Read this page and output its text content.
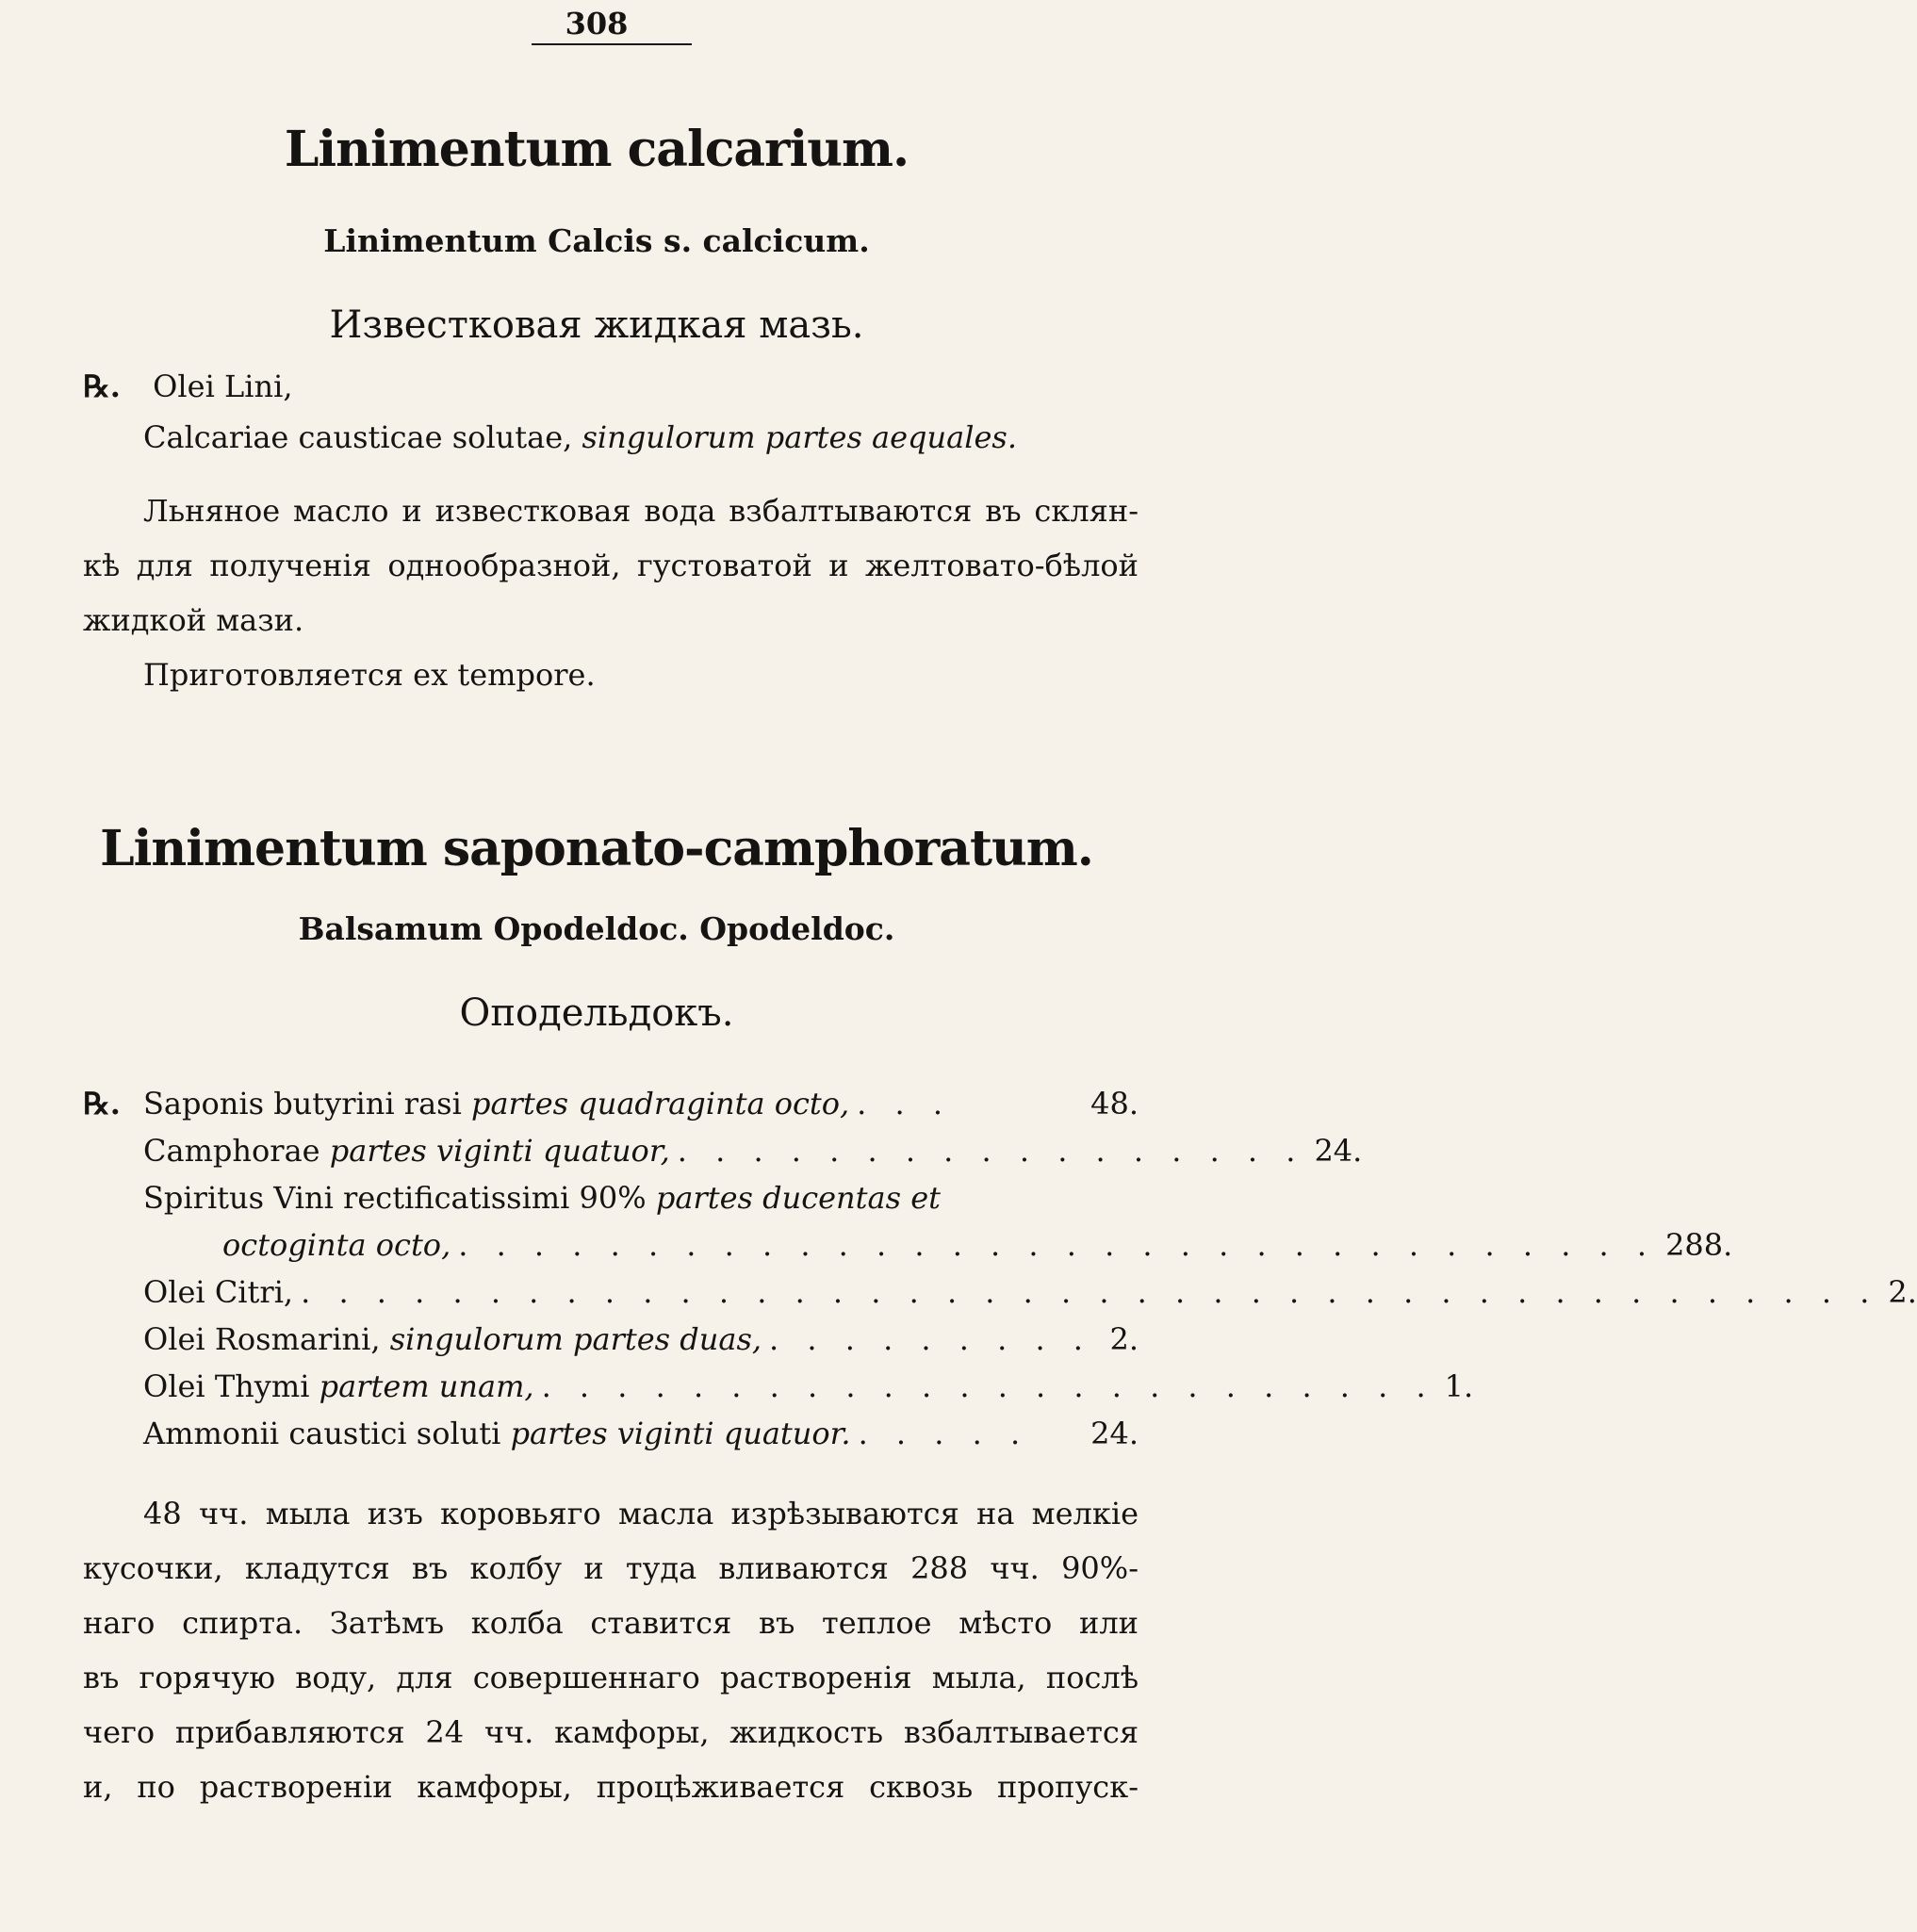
308
Linimentum calcarium.
Linimentum Calcis s. calcicum.
Известковая жидкая мазь.
℞. Olei Lini,
Calcariae causticae solutae, singulorum partes aequales.
Льняное масло и известковая вода взбалтываются въ склян-
кѣ для полученія однообразной, густоватой и желтовато-бѣлой
жидкой мази.
Приготовляется ex tempore.
Linimentum saponato-camphoratum.
Balsamum Opodeldoc. Opodeldoc.
Оподельдокъ.
℞. Saponis butyrini rasi
partes quadraginta octo, . . .	48.
Camphorae
partes viginti quatuor, . . . . . . . . . . . . . . . . . 24.
Spiritus Vini rectificatissimi 90%
partes ducentas et
octoginta octo, . . . . . . . . . . . . . . . . . . . . . . . . . . . . . . . . 288.
Olei Citri, . . . . . . . . . . . . . . . . . . . . . . . . . . . . . . . . . . . . . . . . . . 2.
Olei Rosmarini,
singulorum partes duas, . . . . . . . . . 2.
Olei Thymi
partem unam, . . . . . . . . . . . . . . . . . . . . . . . . 1.
Ammonii caustici soluti
partes viginti quatuor. . . . . .	24.
48 чч. мыла изъ коровьяго масла изрѣзываются на мелкіе
кусочки, кладутся въ колбу и туда вливаются 288 чч. 90%-
наго спирта. Затѣмъ колба ставится въ теплое мѣсто или
въ горячую воду, для совершеннаго растворенія мыла, послѣ
чего прибавляются 24 чч. камфоры, жидкость взбалтывается
и, по раствореніи камфоры, процѣживается сквозь пропуск-
